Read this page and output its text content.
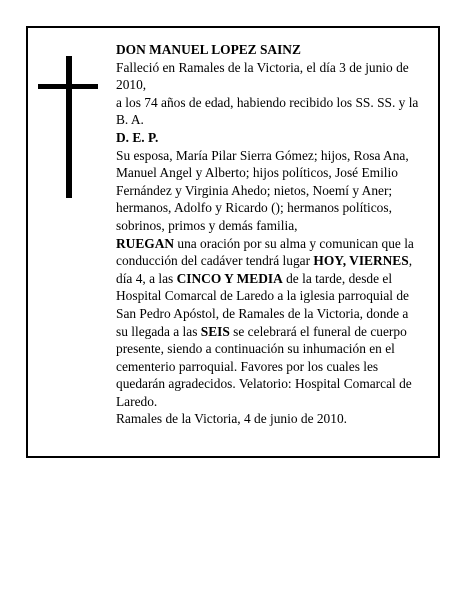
DON MANUEL LOPEZ SAINZ

Falleció en Ramales de la Victoria, el día 3 de junio de 2010,

a los 74 años de edad, habiendo recibido los SS. SS. y la B. A.

D. E. P.

Su esposa, María Pilar Sierra Gómez; hijos, Rosa Ana, Manuel Angel y Alberto; hijos políticos, José Emilio Fernández y Virginia Ahedo; nietos, Noemí y Aner; hermanos, Adolfo y Ricardo (); hermanos políticos, sobrinos, primos y demás familia,

RUEGAN una oración por su alma y comunican que la conducción del cadáver tendrá lugar HOY, VIERNES, día 4, a las CINCO Y MEDIA de la tarde, desde el Hospital Comarcal de Laredo a la iglesia parroquial de San Pedro Apóstol, de Ramales de la Victoria, donde a su llegada a las SEIS se celebrará el funeral de cuerpo presente, siendo a continuación su inhumación en el cementerio parroquial. Favores por los cuales les quedarán agradecidos. Velatorio: Hospital Comarcal de Laredo.

Ramales de la Victoria, 4 de junio de 2010.
